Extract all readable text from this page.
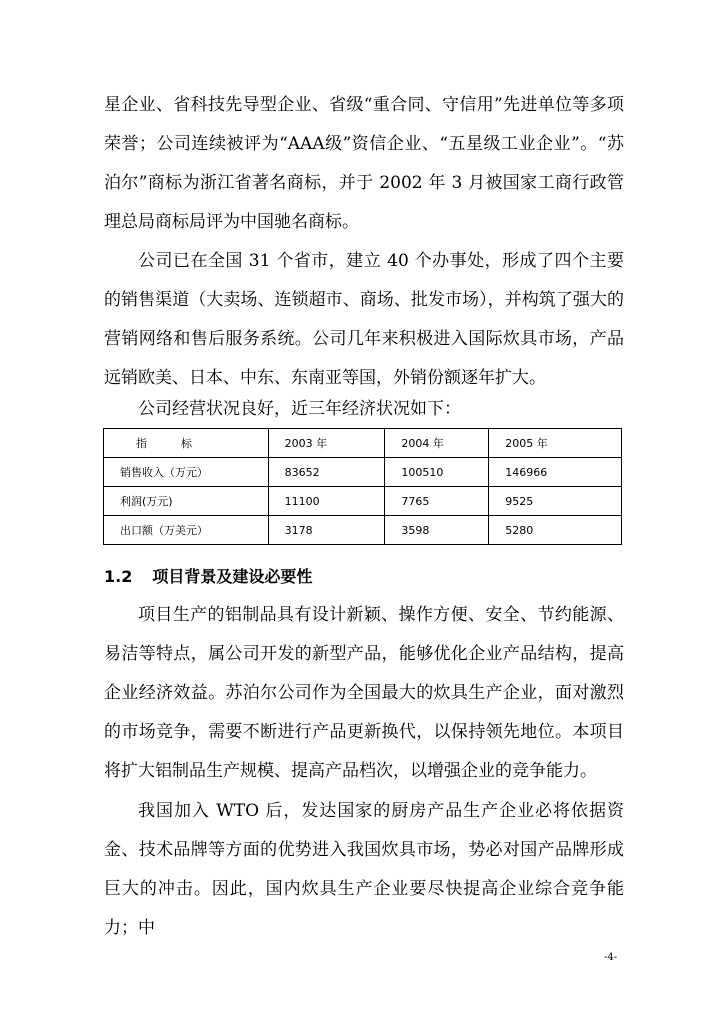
星企业、省科技先导型企业、省级“重合同、守信用”先进单位等多项荣誉；公司连续被评为“AAA级”资信企业、“五星级工业企业”。“苏泊尔”商标为浙江省著名商标，并于 2002 年 3 月被国家工商行政管理总局商标局评为中国驰名商标。

公司已在全国 31 个省市，建立 40 个办事处，形成了四个主要的销售渠道（大卖场、连锁超市、商场、批发市场），并构筑了强大的营销网络和售后服务系统。公司几年来积极进入国际炊具市场，产品远销欧美、日本、中东、东南亚等国，外销份额逐年扩大。

公司经营状况良好，近三年经济状况如下：

指标	2003 年	2004 年	2005 年
销售收入（万元）	83652	100510	146966
利润(万元)	11100	7765	9525
出口额（万美元）	3178	3598	5280
1.2 项目背景及建设必要性

项目生产的铝制品具有设计新颖、操作方便、安全、节约能源、易洁等特点，属公司开发的新型产品，能够优化企业产品结构，提高企业经济效益。苏泊尔公司作为全国最大的炊具生产企业，面对激烈的市场竞争，需要不断进行产品更新换代，以保持领先地位。本项目将扩大铝制品生产规模、提高产品档次，以增强企业的竞争能力。

我国加入 WTO 后，发达国家的厨房产品生产企业必将依据资金、技术品牌等方面的优势进入我国炊具市场，势必对国产品牌形成巨大的冲击。因此，国内炊具生产企业要尽快提高企业综合竞争能力；中

-4-
